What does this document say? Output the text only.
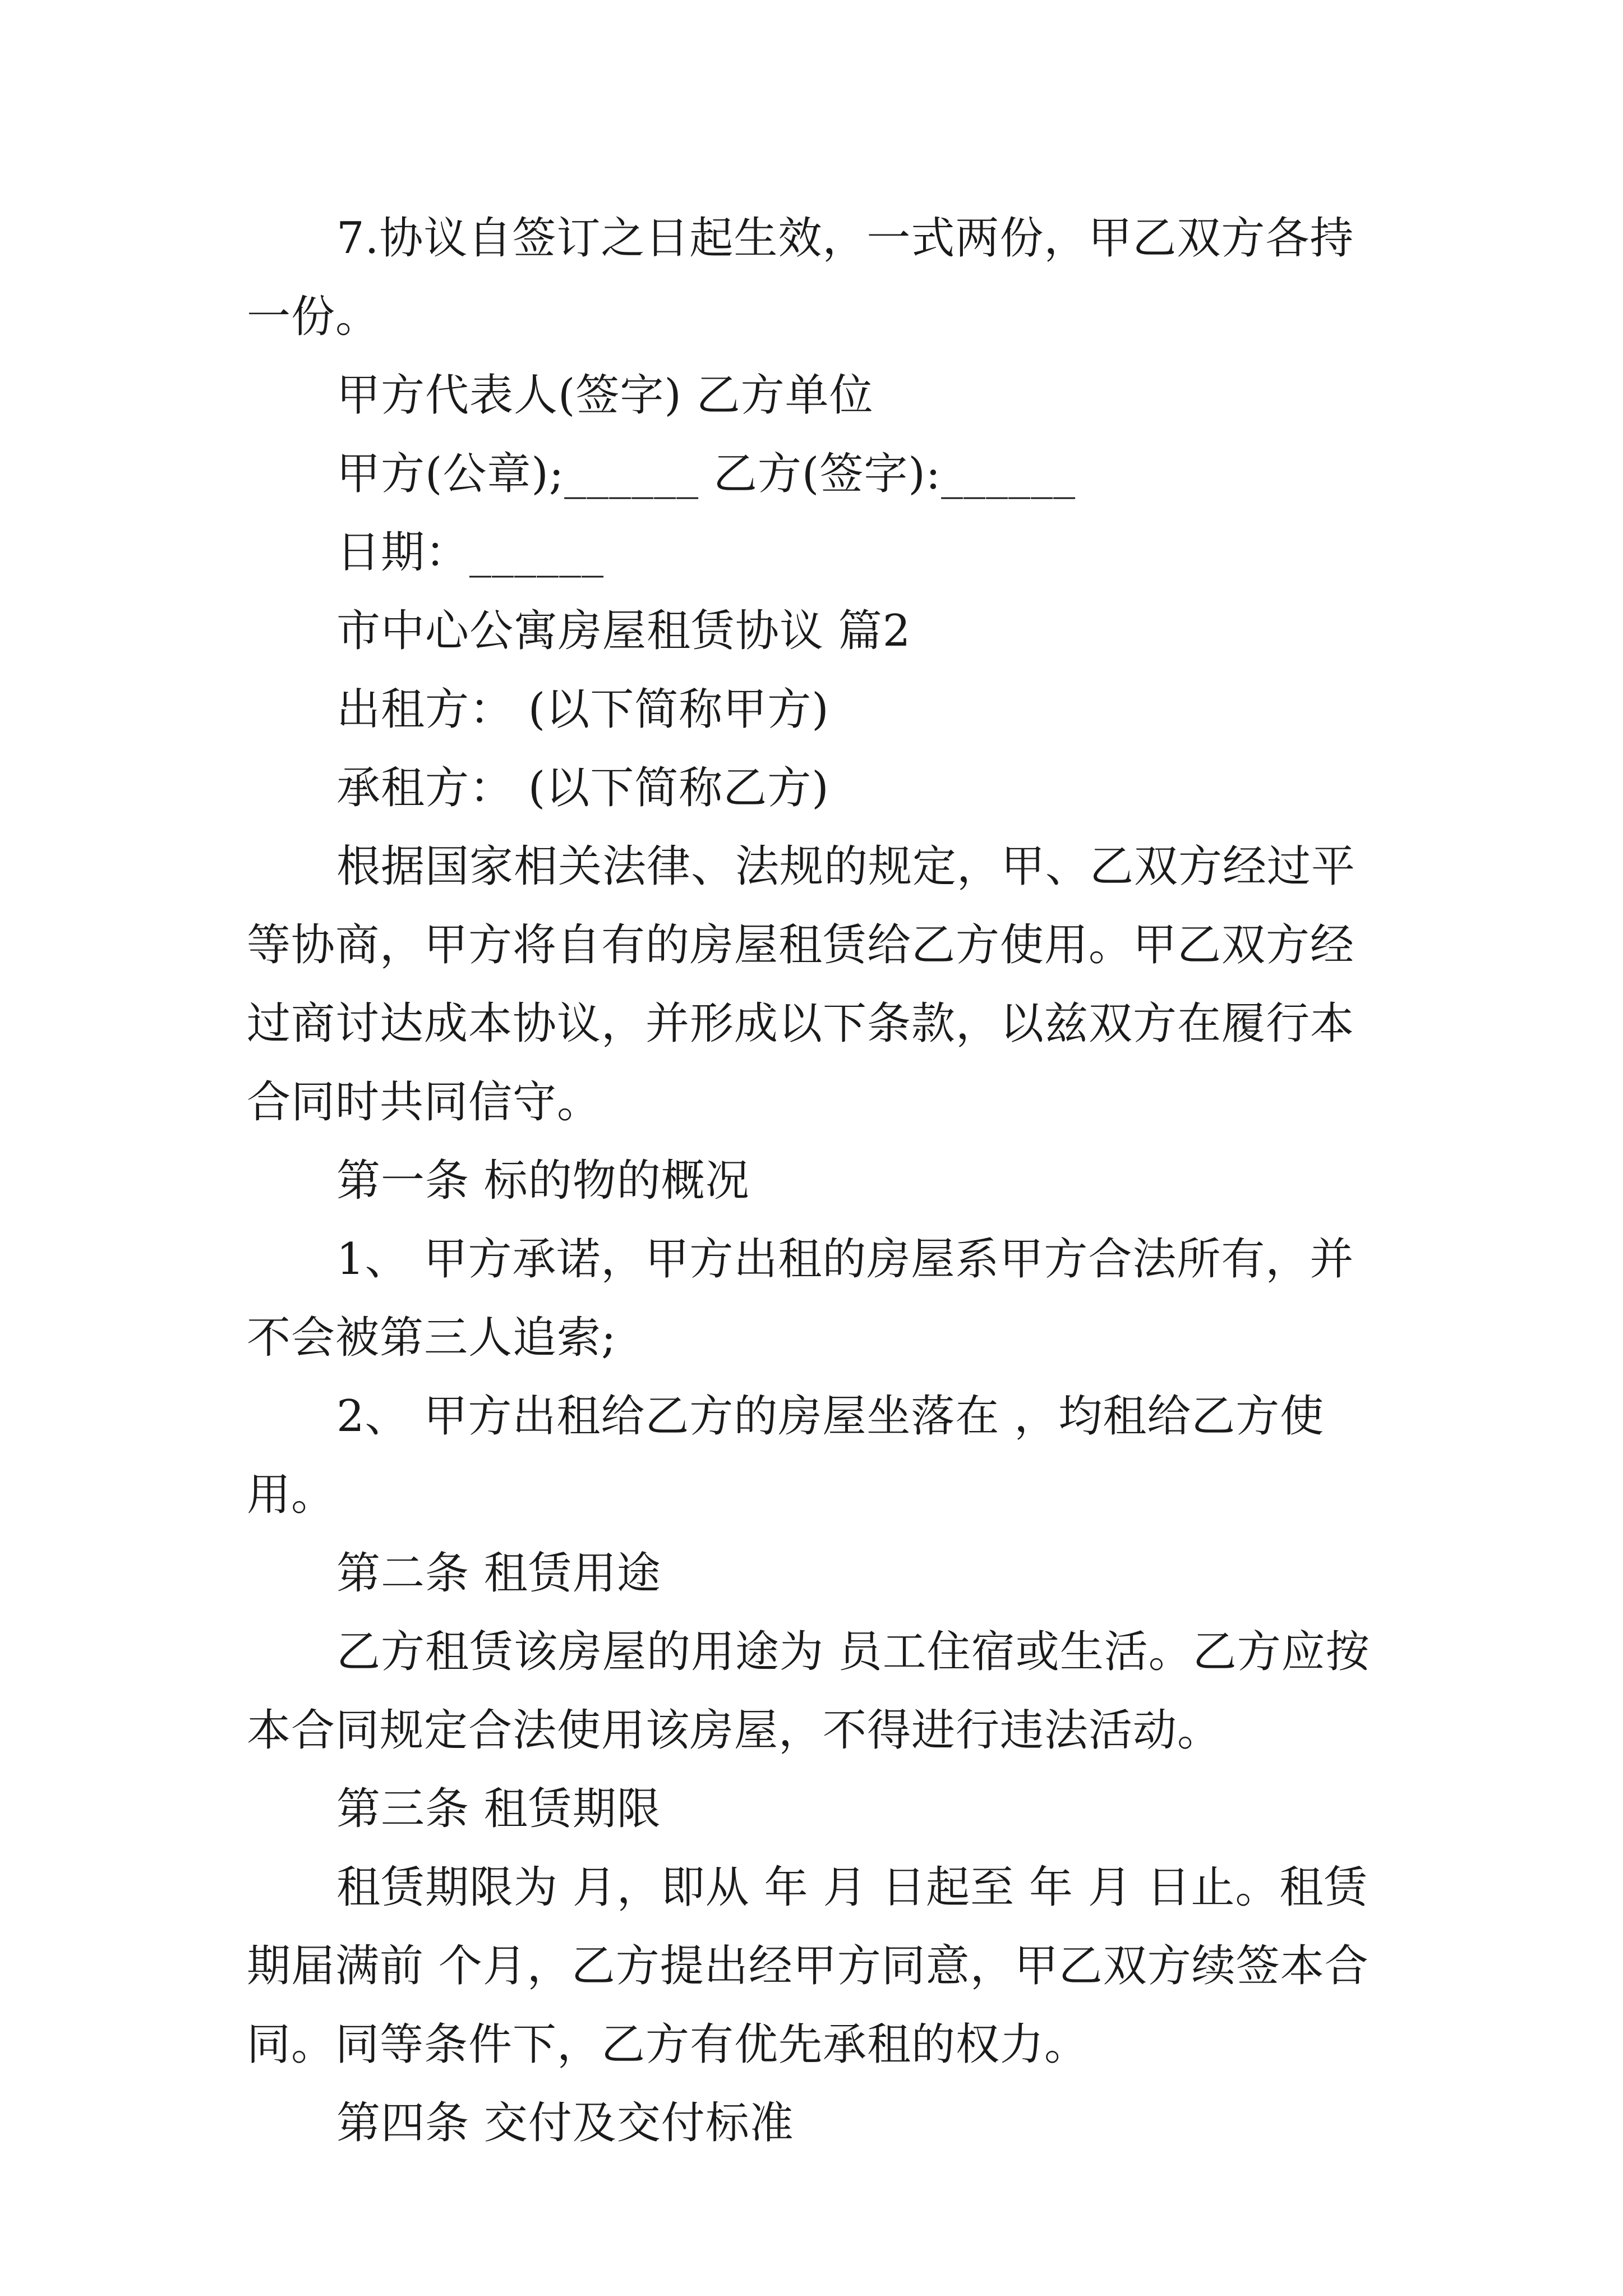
7.协议自签订之日起生效，一式两份，甲乙双方各持一份。

甲方代表人(签字) 乙方单位

甲方(公章);______ 乙方(签字):______

日期：______

市中心公寓房屋租赁协议 篇2

出租方： (以下简称甲方)

承租方： (以下简称乙方)

根据国家相关法律、法规的规定，甲、乙双方经过平等协商，甲方将自有的房屋租赁给乙方使用。甲乙双方经过商讨达成本协议，并形成以下条款，以兹双方在履行本合同时共同信守。

第一条 标的物的概况

1、 甲方承诺，甲方出租的房屋系甲方合法所有，并不会被第三人追索;

2、 甲方出租给乙方的房屋坐落在 ，均租给乙方使用。

第二条 租赁用途

乙方租赁该房屋的用途为 员工住宿或生活。乙方应按本合同规定合法使用该房屋，不得进行违法活动。

第三条 租赁期限

租赁期限为 月，即从 年 月 日起至 年 月 日止。租赁期届满前 个月，乙方提出经甲方同意，甲乙双方续签本合同。同等条件下，乙方有优先承租的权力。

第四条 交付及交付标准
